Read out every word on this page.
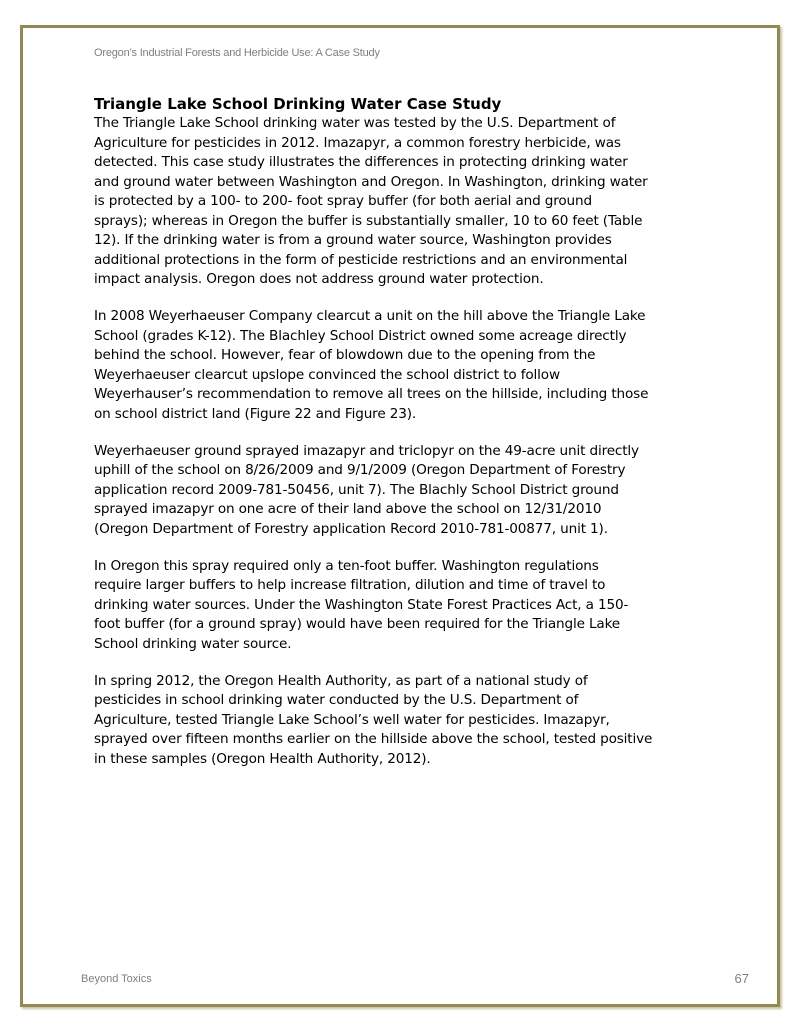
Oregon’s Industrial Forests and Herbicide Use: A Case Study
Triangle Lake School Drinking Water Case Study

The Triangle Lake School drinking water was tested by the U.S. Department of
Agriculture for pesticides in 2012. Imazapyr, a common forestry herbicide, was
detected. This case study illustrates the differences in protecting drinking water
and ground water between Washington and Oregon. In Washington, drinking water
is protected by a 100- to 200- foot spray buffer (for both aerial and ground
sprays); whereas in Oregon the buffer is substantially smaller, 10 to 60 feet (Table
12). If the drinking water is from a ground water source, Washington provides
additional protections in the form of pesticide restrictions and an environmental
impact analysis. Oregon does not address ground water protection.

In 2008 Weyerhaeuser Company clearcut a unit on the hill above the Triangle Lake
School (grades K-12). The Blachley School District owned some acreage directly
behind the school. However, fear of blowdown due to the opening from the
Weyerhaeuser clearcut upslope convinced the school district to follow
Weyerhauser’s recommendation to remove all trees on the hillside, including those
on school district land (Figure 22 and Figure 23).

Weyerhaeuser ground sprayed imazapyr and triclopyr on the 49-acre unit directly
uphill of the school on 8/26/2009 and 9/1/2009 (Oregon Department of Forestry
application record 2009-781-50456, unit 7). The Blachly School District ground
sprayed imazapyr on one acre of their land above the school on 12/31/2010
(Oregon Department of Forestry application Record 2010-781-00877, unit 1).

In Oregon this spray required only a ten-foot buffer. Washington regulations
require larger buffers to help increase filtration, dilution and time of travel to
drinking water sources. Under the Washington State Forest Practices Act, a 150-
foot buffer (for a ground spray) would have been required for the Triangle Lake
School drinking water source.

In spring 2012, the Oregon Health Authority, as part of a national study of
pesticides in school drinking water conducted by the U.S. Department of
Agriculture, tested Triangle Lake School’s well water for pesticides. Imazapyr,
sprayed over fifteen months earlier on the hillside above the school, tested positive
in these samples (Oregon Health Authority, 2012).

Beyond Toxics	67
